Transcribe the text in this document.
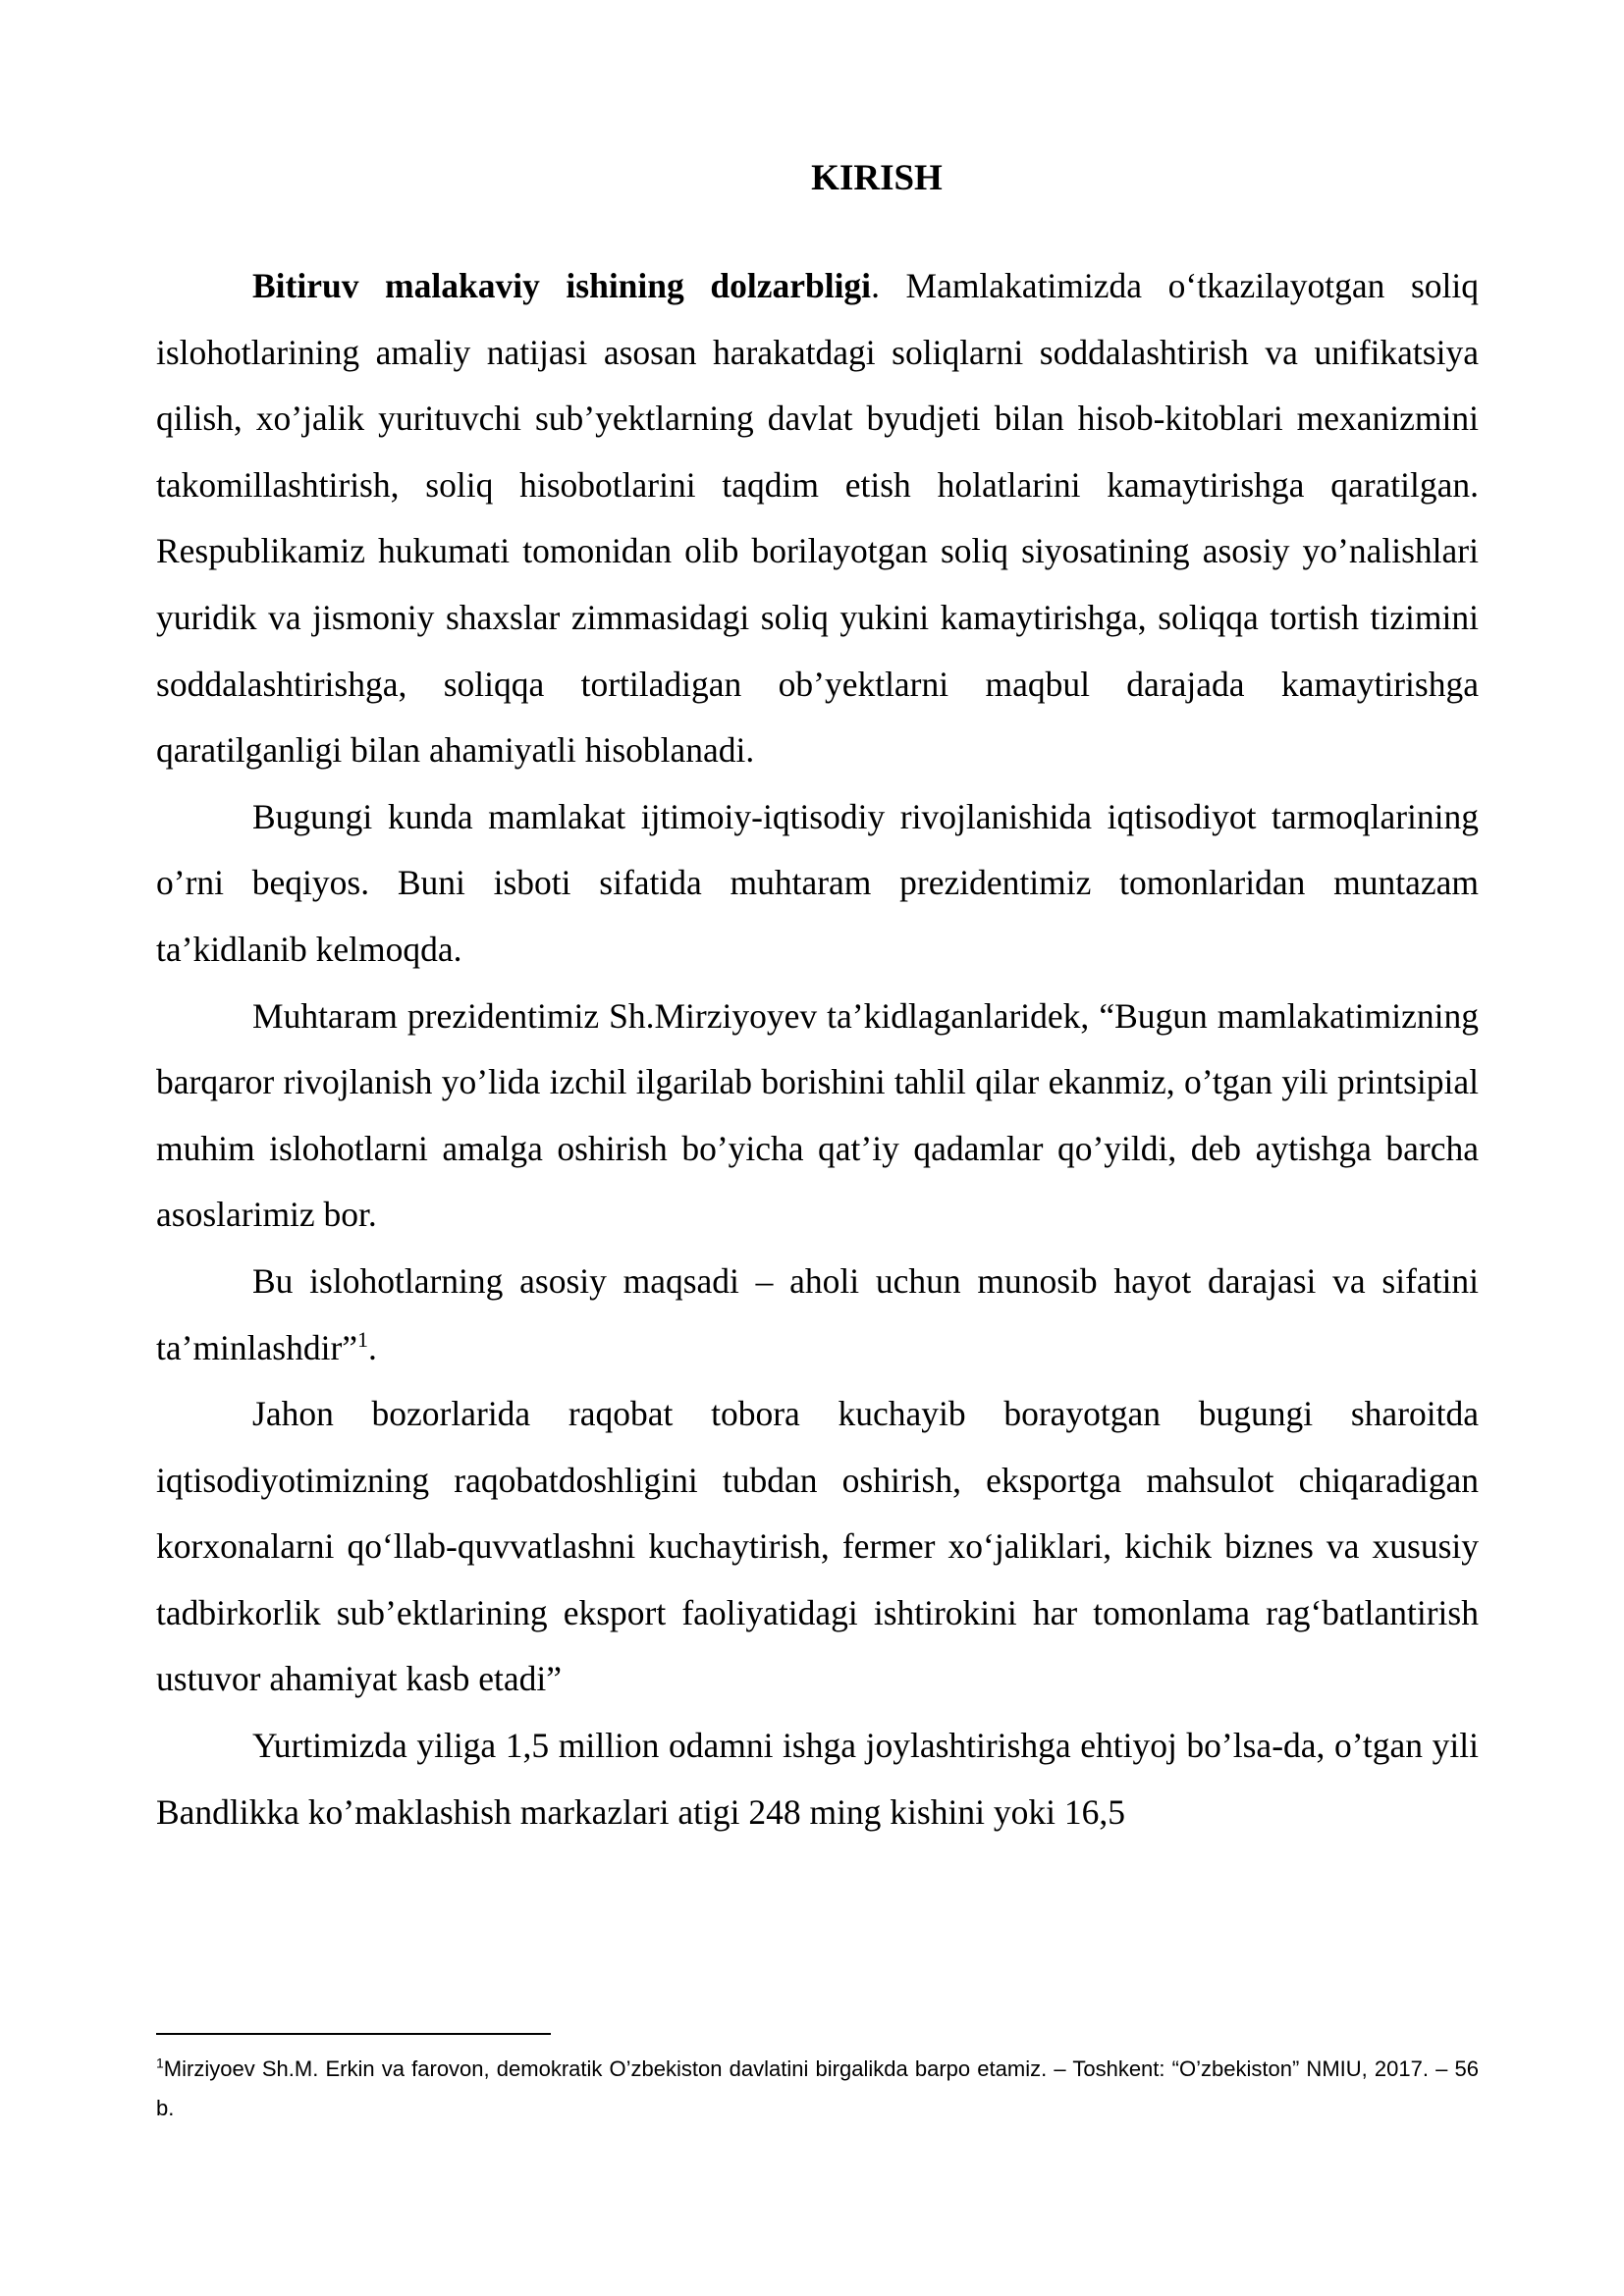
KIRISH

Bitiruv malakaviy ishining dolzarbligi. Mamlakatimizda o‘tkazilayotgan soliq islohotlarining amaliy natijasi asosan harakatdagi soliqlarni soddalashtirish va unifikatsiya qilish, xo’jalik yurituvchi sub’yektlarning davlat byudjeti bilan hisob-kitoblari mexanizmini takomillashtirish, soliq hisobotlarini taqdim etish holatlarini kamaytirishga qaratilgan. Respublikamiz hukumati tomonidan olib borilayotgan soliq siyosatining asosiy yo’nalishlari yuridik va jismoniy shaxslar zimmasidagi soliq yukini kamaytirishga, soliqqa tortish tizimini soddalashtirishga, soliqqa tortiladigan ob’yektlarni maqbul darajada kamaytirishga qaratilganligi bilan ahamiyatli hisoblanadi.

Bugungi kunda mamlakat ijtimoiy-iqtisodiy rivojlanishida iqtisodiyot tarmoqlarining o’rni beqiyos. Buni isboti sifatida muhtaram prezidentimiz tomonlaridan muntazam ta’kidlanib kelmoqda.

Muhtaram prezidentimiz Sh.Mirziyoyev ta’kidlaganlaridek, “Bugun mamlakatimizning barqaror rivojlanish yo’lida izchil ilgarilab borishini tahlil qilar ekanmiz, o’tgan yili printsipial muhim islohotlarni amalga oshirish bo’yicha qat’iy qadamlar qo’yildi, deb aytishga barcha asoslarimiz bor.

Bu islohotlarning asosiy maqsadi – aholi uchun munosib hayot darajasi va sifatini ta’minlashdir”$^1$.

Jahon bozorlarida raqobat tobora kuchayib borayotgan bugungi sharoitda iqtisodiyotimizning raqobatdoshligini tubdan oshirish, eksportga mahsulot chiqaradigan korxonalarni qo‘llab-quvvatlashni kuchaytirish, fermer xo‘jaliklari, kichik biznes va xususiy tadbirkorlik sub’ektlarining eksport faoliyatidagi ishtirokini har tomonlama rag‘batlantirish ustuvor ahamiyat kasb etadi”

Yurtimizda yiliga 1,5 million odamni ishga joylashtirishga ehtiyoj bo’lsa-da, o’tgan yili Bandlikka ko’maklashish markazlari atigi 248 ming kishini yoki 16,5

$^1$Mirziyoev Sh.M. Erkin va farovon, demokratik O’zbekiston davlatini birgalikda barpo etamiz. – Toshkent: “O’zbekiston” NMIU, 2017. – 56 b.
